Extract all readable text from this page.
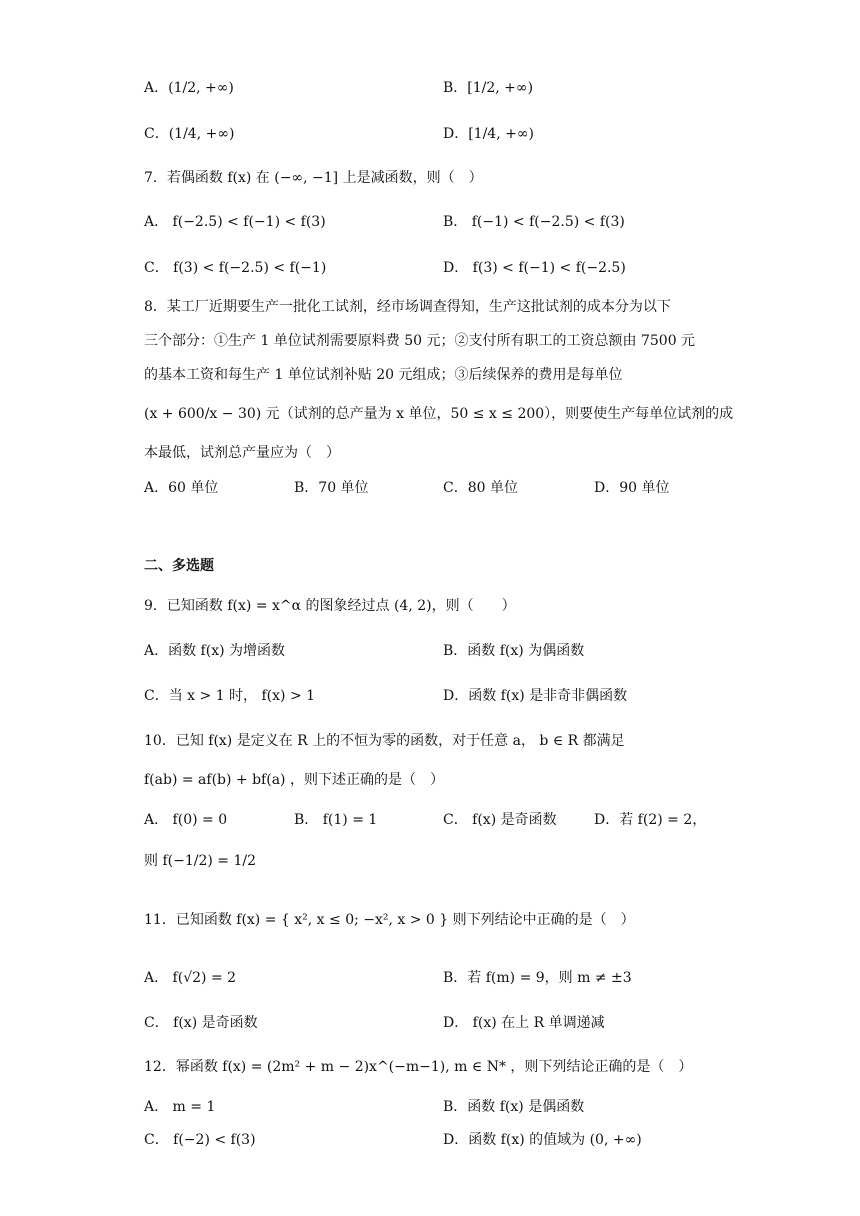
A．(1/2, +∞)	B．[1/2, +∞)
C．(1/4, +∞)	D．[1/4, +∞)
7．若偶函数 f(x) 在 (−∞, −1] 上是减函数，则（　）
A． f(−2.5) < f(−1) < f(3)	B． f(−1) < f(−2.5) < f(3)
C． f(3) < f(−2.5) < f(−1)	D． f(3) < f(−1) < f(−2.5)
8．某工厂近期要生产一批化工试剂，经市场调查得知，生产这批试剂的成本分为以下
三个部分：①生产 1 单位试剂需要原料费 50 元；②支付所有职工的工资总额由 7500 元
的基本工资和每生产 1 单位试剂补贴 20 元组成；③后续保养的费用是每单位
(x + 600/x − 30) 元（试剂的总产量为 x 单位，50 ≤ x ≤ 200），则要使生产每单位试剂的成
本最低，试剂总产量应为（　）
A．60 单位	B．70 单位	C．80 单位	D．90 单位
二、多选题
9．已知函数 f(x) = x^α 的图象经过点 (4, 2)，则（　　）
A．函数 f(x) 为增函数	B．函数 f(x) 为偶函数
C．当 x > 1 时， f(x) > 1	D．函数 f(x) 是非奇非偶函数
10．已知 f(x) 是定义在 R 上的不恒为零的函数，对于任意 a， b ∈ R 都满足
f(ab) = af(b) + bf(a) ，则下述正确的是（　）
A． f(0) = 0	B． f(1) = 1	C． f(x) 是奇函数	D．若 f(2) = 2，
则 f(−1/2) = 1/2
11．已知函数 f(x) = { x², x ≤ 0; −x², x > 0 } 则下列结论中正确的是（　）
A． f(√2) = 2	B．若 f(m) = 9，则 m ≠ ±3
C． f(x) 是奇函数	D． f(x) 在上 R 单调递减
12．幂函数 f(x) = (2m² + m − 2)x^(−m−1), m ∈ N* ，则下列结论正确的是（　）
A． m = 1	B．函数 f(x) 是偶函数
C． f(−2) < f(3)	D．函数 f(x) 的值域为 (0, +∞)
